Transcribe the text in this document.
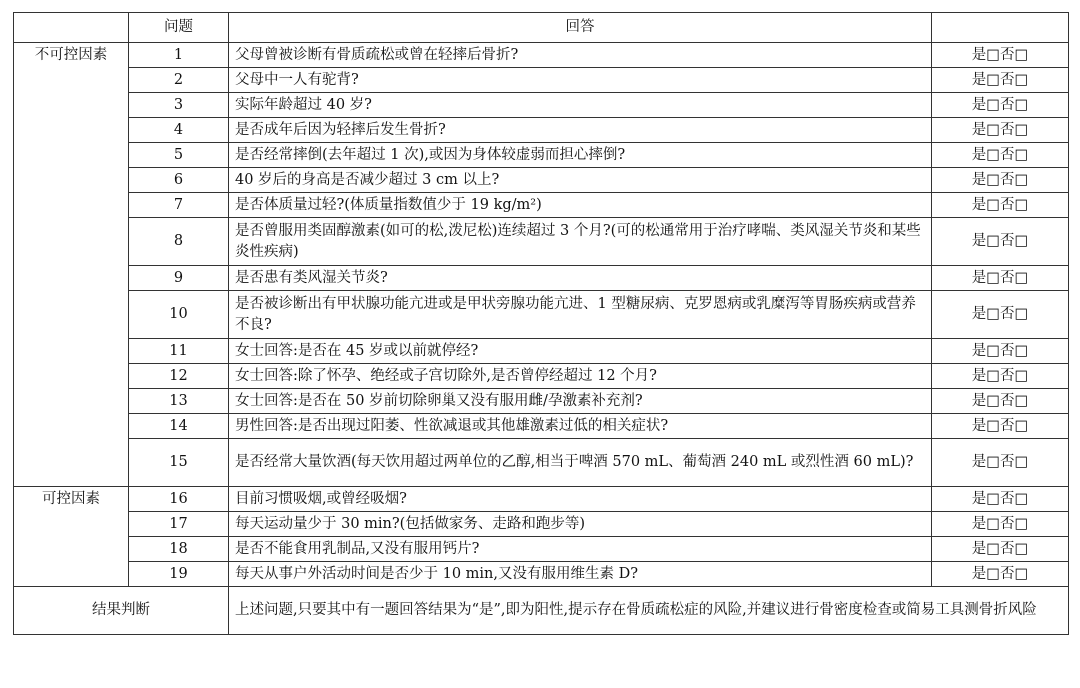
	问题	回答	
不可控因素	1	父母曾被诊断有骨质疏松或曾在轻摔后骨折?	是□否□
	2	父母中一人有驼背?	是□否□
	3	实际年龄超过 40 岁?	是□否□
	4	是否成年后因为轻摔后发生骨折?	是□否□
	5	是否经常摔倒(去年超过 1 次),或因为身体较虚弱而担心摔倒?	是□否□
	6	40 岁后的身高是否减少超过 3 cm 以上?	是□否□
	7	是否体质量过轻?(体质量指数值少于 19 kg/m²)	是□否□
	8	是否曾服用类固醇激素(如可的松,泼尼松)连续超过 3 个月?(可的松通常用于治疗哮喘、类风湿关节炎和某些炎性疾病)	是□否□
	9	是否患有类风湿关节炎?	是□否□
	10	是否被诊断出有甲状腺功能亢进或是甲状旁腺功能亢进、1 型糖尿病、克罗恩病或乳糜泻等胃肠疾病或营养不良?	是□否□
	11	女士回答:是否在 45 岁或以前就停经?	是□否□
	12	女士回答:除了怀孕、绝经或子宫切除外,是否曾停经超过 12 个月?	是□否□
	13	女士回答:是否在 50 岁前切除卵巢又没有服用雌/孕激素补充剂?	是□否□
	14	男性回答:是否出现过阳萎、性欲减退或其他雄激素过低的相关症状?	是□否□
	15	是否经常大量饮酒(每天饮用超过两单位的乙醇,相当于啤酒 570 mL、葡萄酒 240 mL 或烈性酒 60 mL)?	是□否□
可控因素	16	目前习惯吸烟,或曾经吸烟?	是□否□
	17	每天运动量少于 30 min?(包括做家务、走路和跑步等)	是□否□
	18	是否不能食用乳制品,又没有服用钙片?	是□否□
	19	每天从事户外活动时间是否少于 10 min,又没有服用维生素 D?	是□否□
结果判断		上述问题,只要其中有一题回答结果为“是”,即为阳性,提示存在骨质疏松症的风险,并建议进行骨密度检查或简易工具测骨折风险	
